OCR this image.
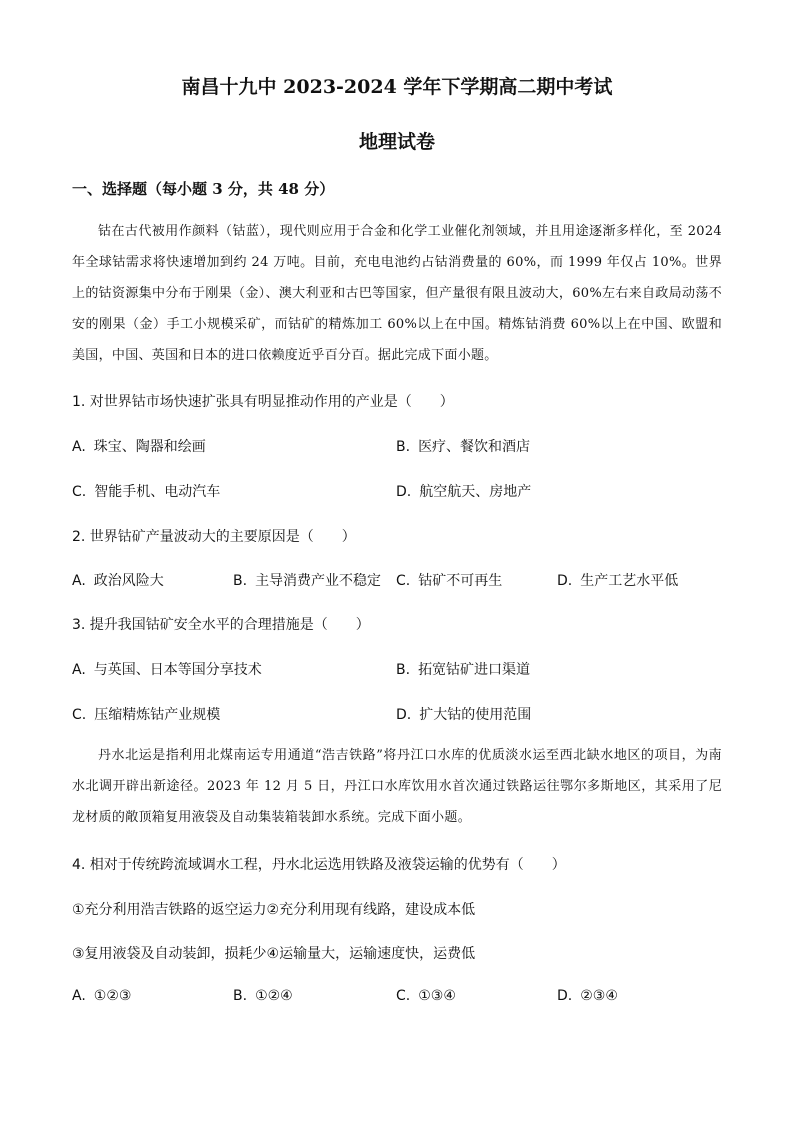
南昌十九中 2023-2024 学年下学期高二期中考试
地理试卷
一、选择题（每小题 3 分，共 48 分）

钴在古代被用作颜料（钴蓝），现代则应用于合金和化学工业催化剂领域，并且用途逐渐多样化，至 2024 年全球钴需求将快速增加到约 24 万吨。目前，充电电池约占钴消费量的 60%，而 1999 年仅占 10%。世界上的钴资源集中分布于刚果（金）、澳大利亚和古巴等国家，但产量很有限且波动大，60%左右来自政局动荡不安的刚果（金）手工小规模采矿，而钴矿的精炼加工 60%以上在中国。精炼钴消费 60%以上在中国、欧盟和美国，中国、英国和日本的进口依赖度近乎百分百。据此完成下面小题。

1. 对世界钴市场快速扩张具有明显推动作用的产业是（　　）
A. 珠宝、陶器和绘画	B. 医疗、餐饮和酒店
C. 智能手机、电动汽车	D. 航空航天、房地产
2. 世界钴矿产量波动大的主要原因是（　　）
A. 政治风险大	B. 主导消费产业不稳定 C. 钴矿不可再生	D. 生产工艺水平低
3. 提升我国钴矿安全水平的合理措施是（　　）
A. 与英国、日本等国分享技术	B. 拓宽钴矿进口渠道
C. 压缩精炼钴产业规模	D. 扩大钴的使用范围

丹水北运是指利用北煤南运专用通道“浩吉铁路”将丹江口水库的优质淡水运至西北缺水地区的项目，为南水北调开辟出新途径。2023 年 12 月 5 日，丹江口水库饮用水首次通过铁路运往鄂尔多斯地区，其采用了尼龙材质的敞顶箱复用液袋及自动集装箱装卸水系统。完成下面小题。

4. 相对于传统跨流域调水工程，丹水北运选用铁路及液袋运输的优势有（　　）
①充分利用浩吉铁路的返空运力②充分利用现有线路，建设成本低
③复用液袋及自动装卸，损耗少④运输量大，运输速度快，运费低
A. ①②③	B. ①②④	C. ①③④	D. ②③④
